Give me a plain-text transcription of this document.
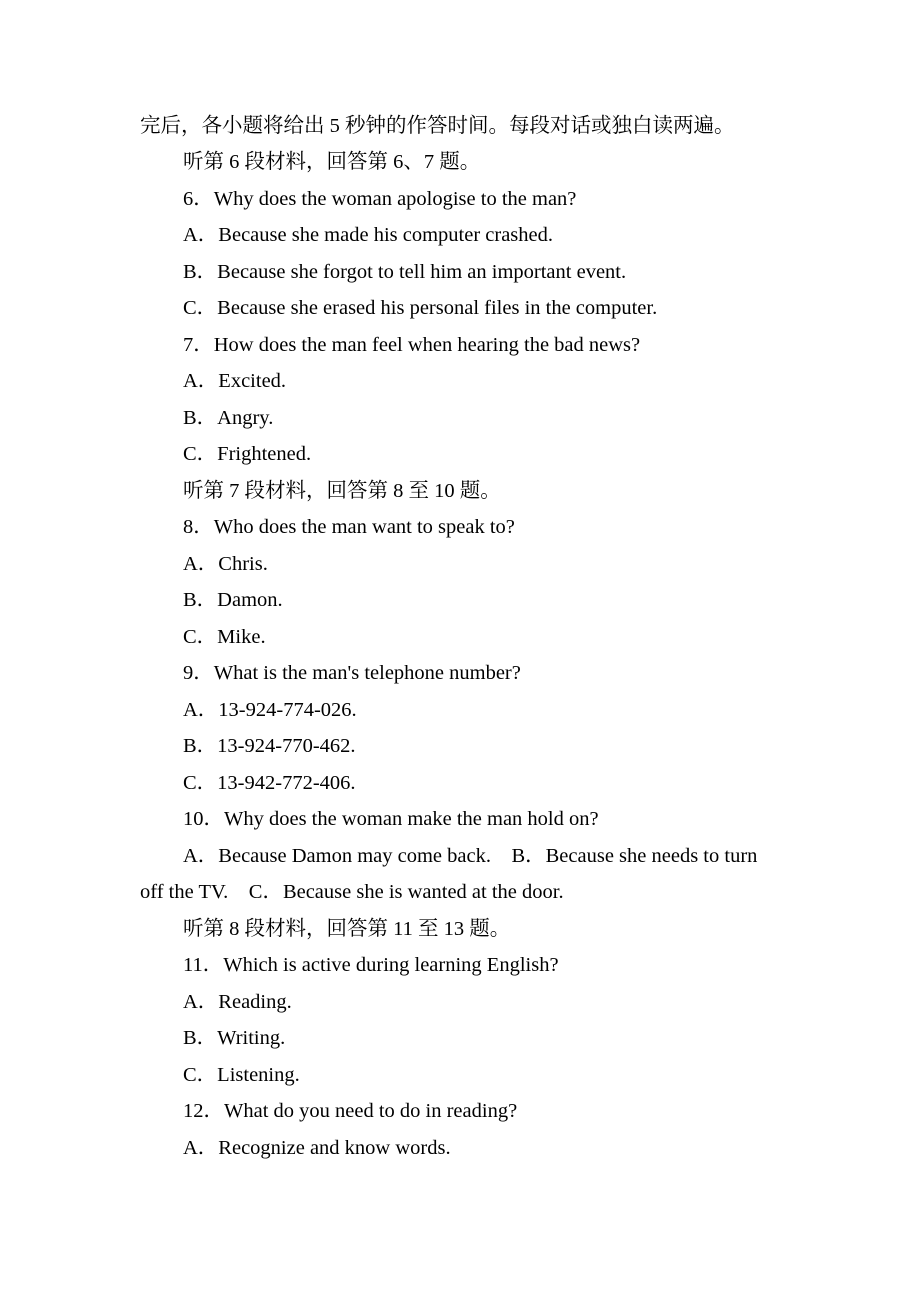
完后，各小题将给出 5 秒钟的作答时间。每段对话或独白读两遍。
听第 6 段材料，回答第 6、7 题。
6．Why does the woman apologise to the man?
A．Because she made his computer crashed.
B．Because she forgot to tell him an important event.
C．Because she erased his personal files in the computer.
7．How does the man feel when hearing the bad news?
A．Excited.
B．Angry.
C．Frightened.
听第 7 段材料，回答第 8 至 10 题。
8．Who does the man want to speak to?
A．Chris.
B．Damon.
C．Mike.
9．What is the man's telephone number?
A．13-924-774-026.
B．13-924-770-462.
C．13-942-772-406.
10．Why does the woman make the man hold on?
A．Because Damon may come back.　B．Because she needs to turn
off the TV.　C．Because she is wanted at the door.
听第 8 段材料，回答第 11 至 13 题。
11．Which is active during learning English?
A．Reading.
B．Writing.
C．Listening.
12．What do you need to do in reading?
A．Recognize and know words.
